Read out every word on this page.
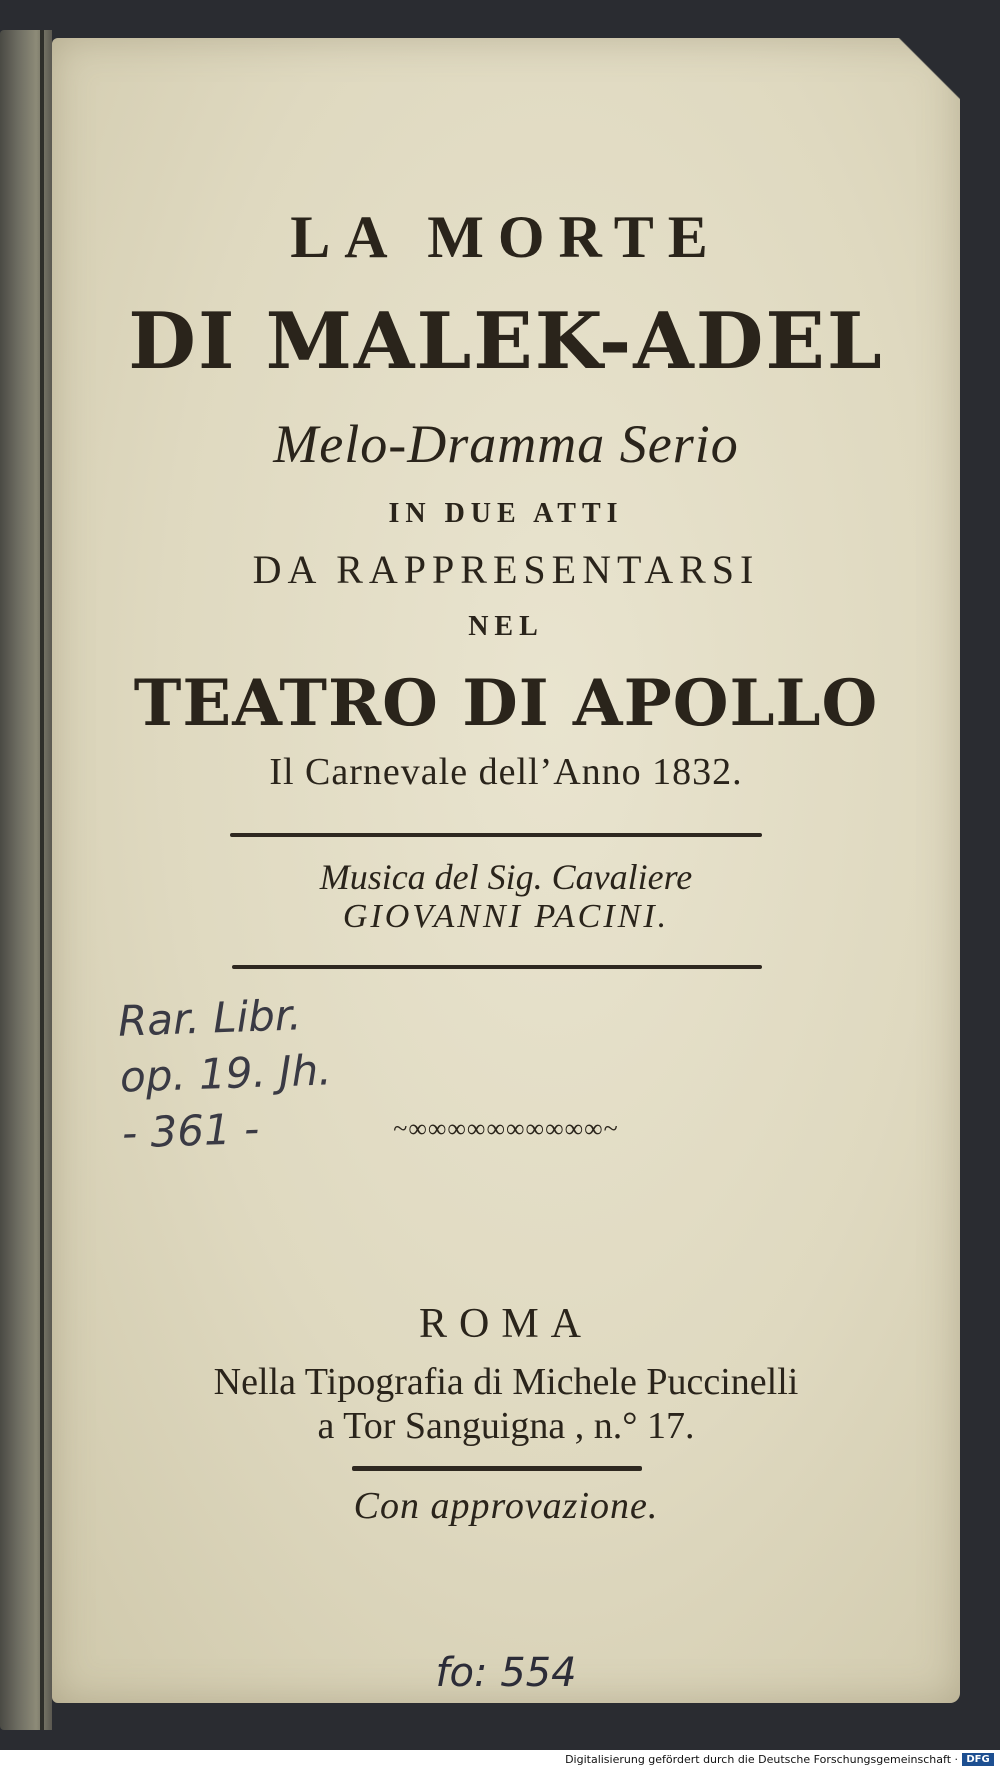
LA MORTE
DI MALEK-ADEL
Melo-Dramma Serio
IN DUE ATTI
DA RAPPRESENTARSI
NEL
TEATRO DI APOLLO
Il Carnevale dell’Anno 1832.
Musica del Sig. Cavaliere
GIOVANNI PACINI.
Rar. Libr.
op. 19. Jh.
- 361 -	~∞∞∞∞∞∞∞∞∞∞~
ROMA
Nella Tipografia di Michele Puccinelli
a Tor Sanguigna , n.° 17.
Con approvazione.
fo: 554
Digitalisierung gefördert durch die Deutsche Forschungsgemeinschaft · DFG
